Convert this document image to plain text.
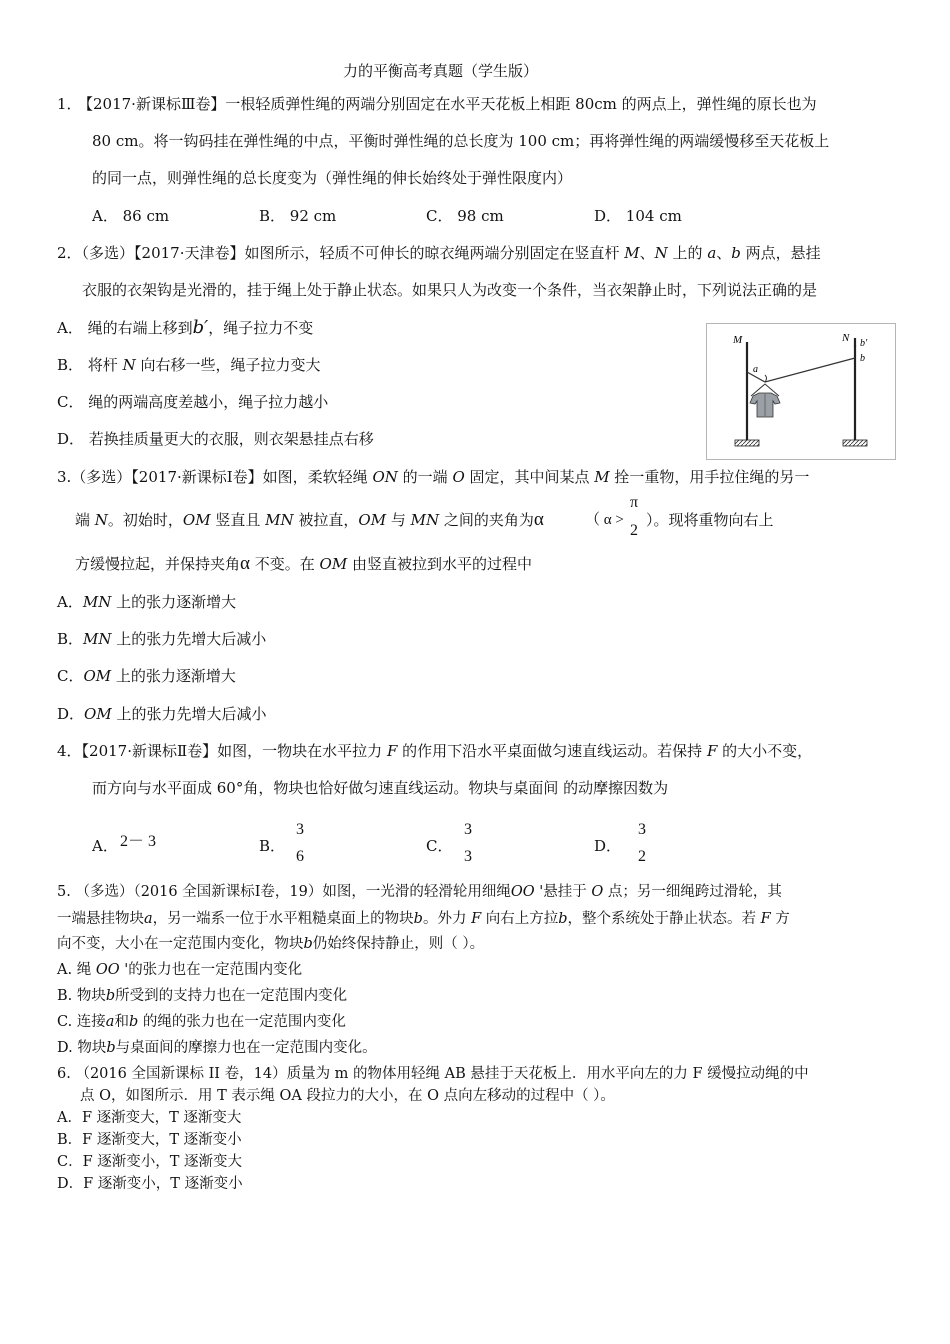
力的平衡高考真题（学生版）
1．
【2017·新课标Ⅲ卷】一根轻质弹性绳的两端分别固定在水平天花板上相距 80cm 的两点上，弹性绳的原长也为
80 cm。将一钩码挂在弹性绳的中点，平衡时弹性绳的总长度为 100 cm；再将弹性绳的两端缓慢移至天花板上
的同一点，则弹性绳的总长度变为（弹性绳的伸长始终处于弹性限度内）
A． 86 cm	B． 92 cm	C． 98 cm	D． 104 cm
2．（多选）【2017·天津卷】如图所示，轻质不可伸长的晾衣绳两端分别固定在竖直杆 M、N 上的 a、b 两点，悬挂
衣服的衣架钩是光滑的，挂于绳上处于静止状态。如果只人为改变一个条件，当衣架静止时，下列说法正确的是
A． 绳的右端上移到b′，绳子拉力不变
B． 将杆 N 向右移一些，绳子拉力变大
C． 绳的两端高度差越小，绳子拉力越小
D． 若换挂质量更大的衣服，则衣架悬挂点右移
M	N
a
b′
b
3.（多选）【2017·新课标Ⅰ卷】如图，柔软轻绳 ON 的一端 O 固定，其中间某点 M 拴一重物，用手拉住绳的另一
端 N。初始时，OM 竖直且 MN 被拉直，OM 与 MN 之间的夹角为α	（ α >
π
2
）。现将重物向右上
方缓慢拉起，并保持夹角α 不变。在 OM 由竖直被拉到水平的过程中
A．MN 上的张力逐渐增大
B．MN 上的张力先增大后减小
C．OM 上的张力逐渐增大
D．OM 上的张力先增大后减小
4．【2017·新课标Ⅱ卷】如图，一物块在水平拉力 F 的作用下沿水平桌面做匀速直线运动。若保持 F 的大小不变，
而方向与水平面成 60°角，物块也恰好做匀速直线运动。物块与桌面间 的动摩擦因数为
A． 2－ 3	B．
3
6
C．
3
3
D．
3
2
5. （多选）（2016 全国新课标Ⅰ卷，19）如图，一光滑的轻滑轮用细绳OO '悬挂于 O 点；另一细绳跨过滑轮，其
一端悬挂物块a，另一端系一位于水平粗糙桌面上的物块b。外力 F 向右上方拉b，整个系统处于静止状态。若 F 方
向不变，大小在一定范围内变化，物块b仍始终保持静止，则（ ）。
A. 绳 OO '的张力也在一定范围内变化
B. 物块b所受到的支持力也在一定范围内变化
C. 连接a和b 的绳的张力也在一定范围内变化
D. 物块b与桌面间的摩擦力也在一定范围内变化。
6. （2016 全国新课标 II 卷，14）质量为 m 的物体用轻绳 AB 悬挂于天花板上．用水平向左的力 F 缓慢拉动绳的中
点 O，如图所示．用 T 表示绳 OA 段拉力的大小，在 O 点向左移动的过程中（ ）。
A．F 逐渐变大，T 逐渐变大
B．F 逐渐变大，T 逐渐变小
C．F 逐渐变小，T 逐渐变大
D．F 逐渐变小，T 逐渐变小
